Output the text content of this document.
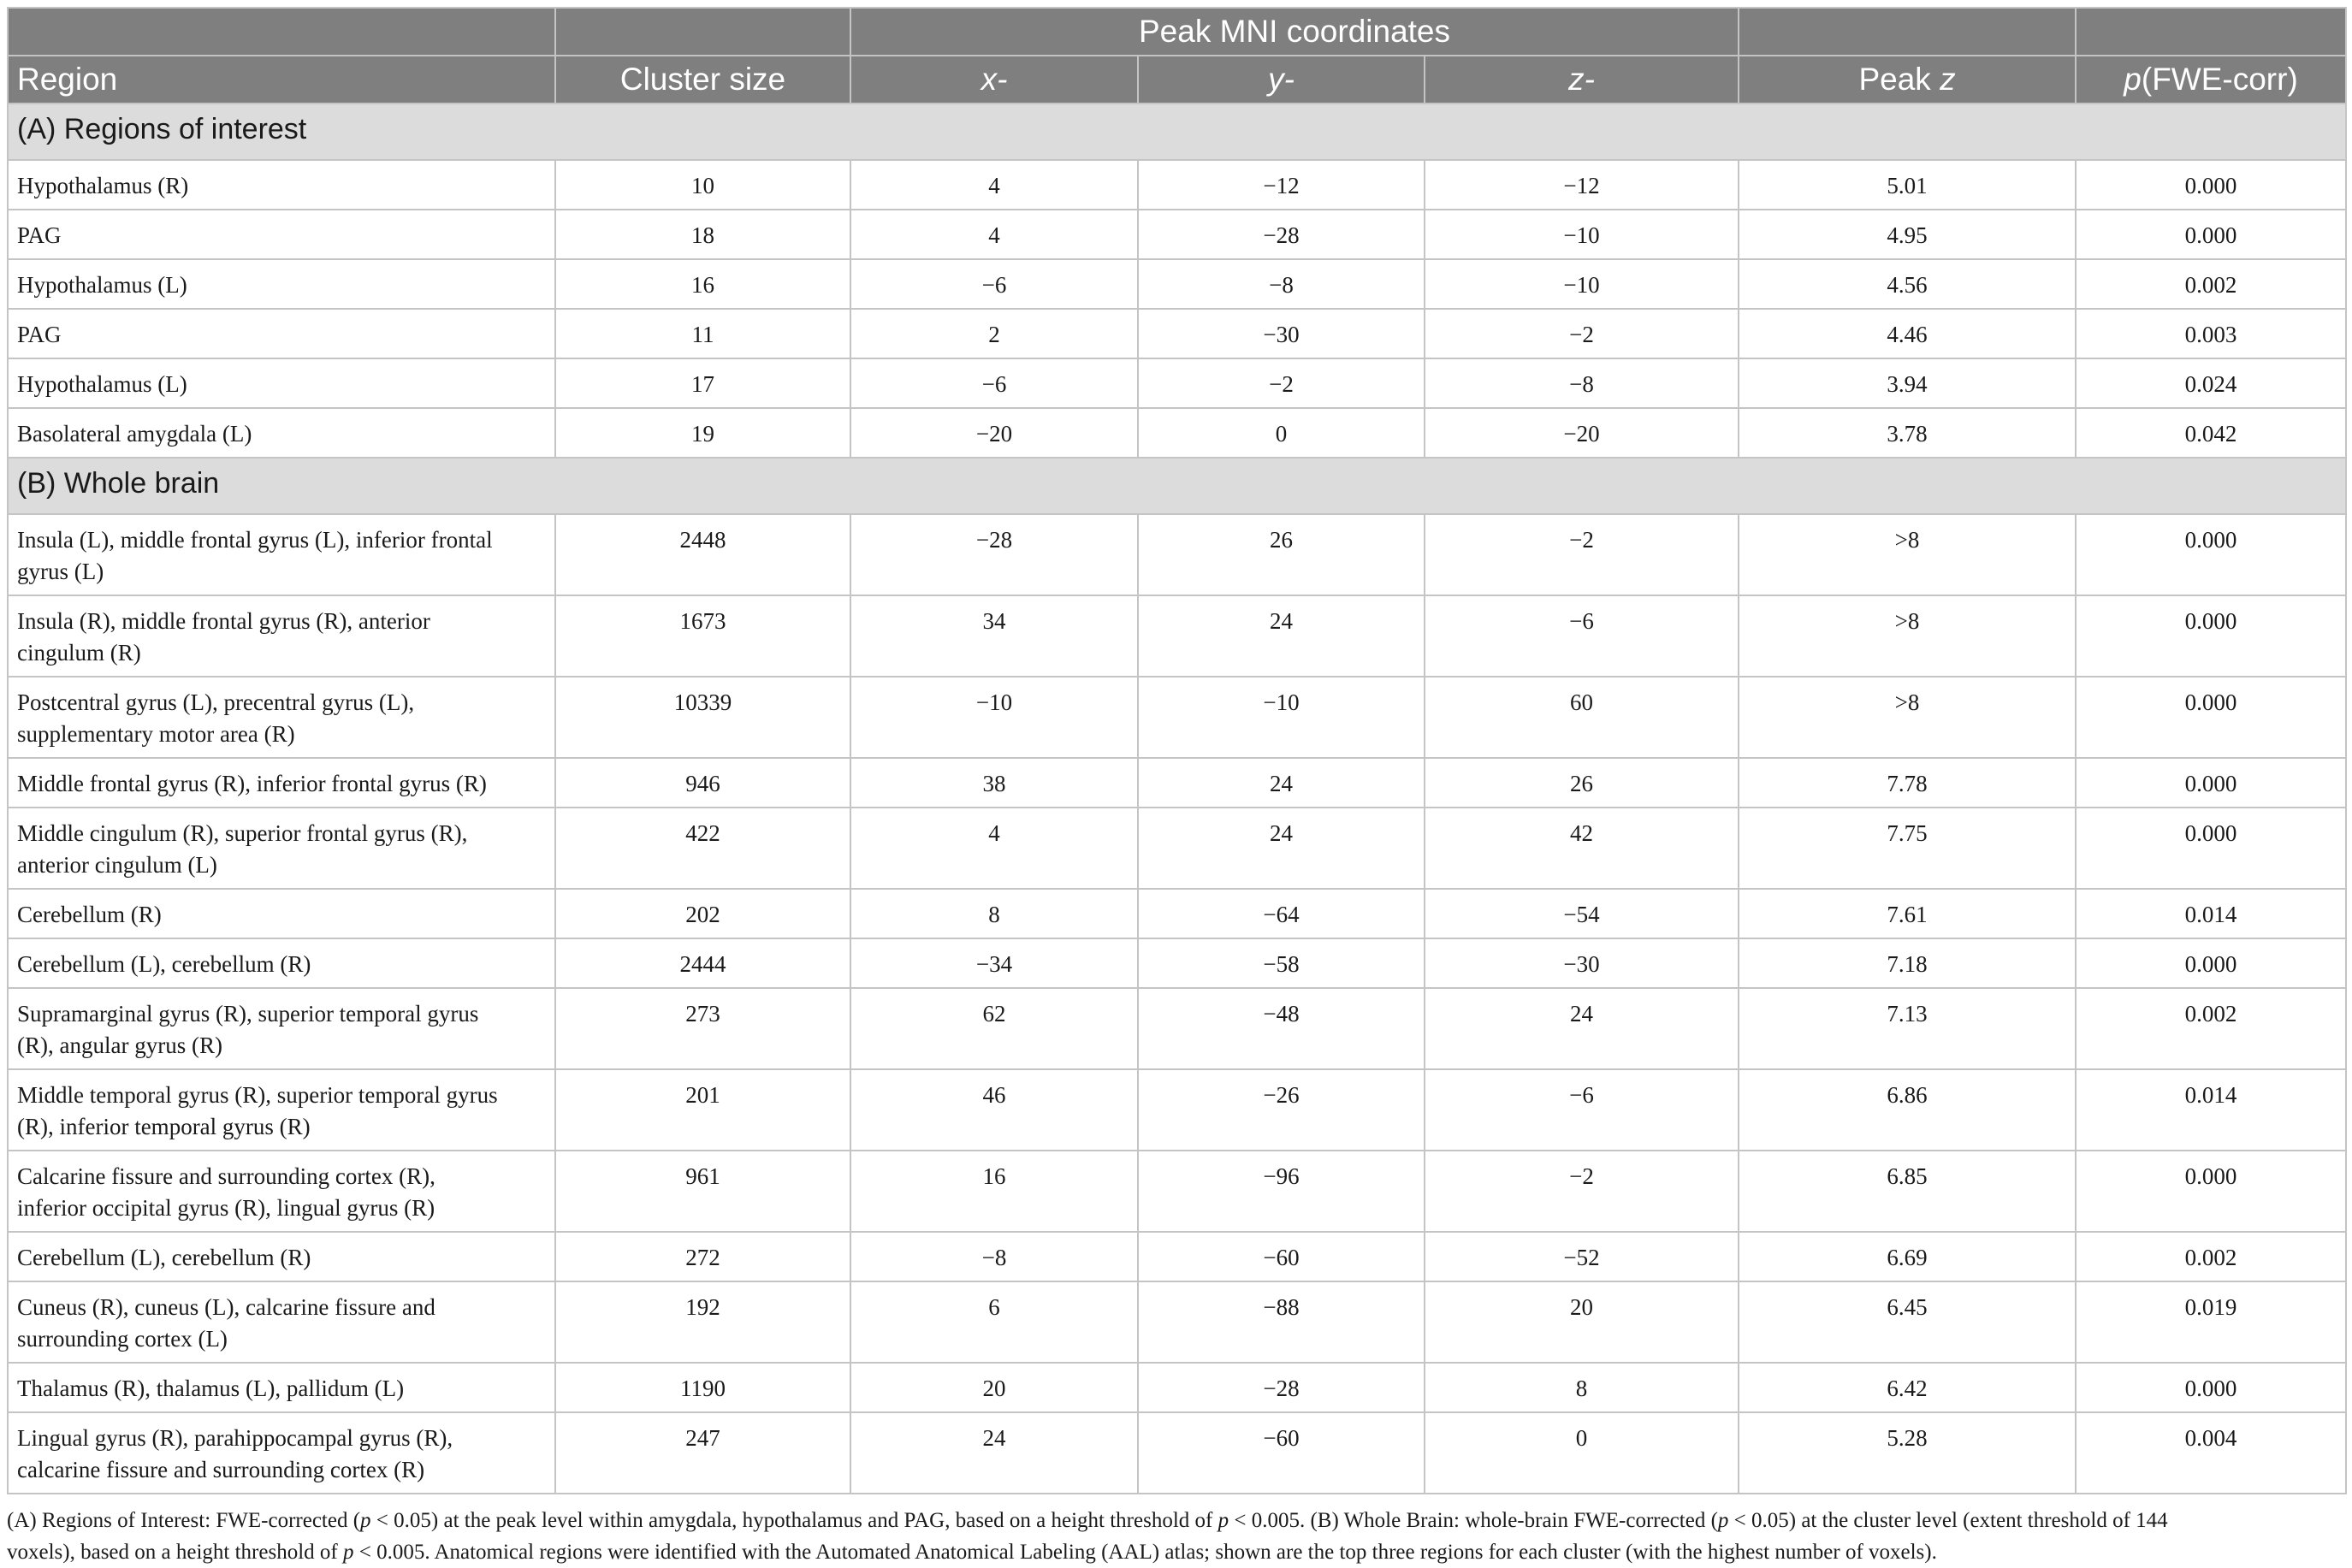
		Peak MNI coordinates				
Region	Cluster size	x-	y-	z-	Peak z	p(FWE-corr)
(A) Regions of interest						
Hypothalamus (R)	10	4	−12	−12	5.01	0.000
PAG	18	4	−28	−10	4.95	0.000
Hypothalamus (L)	16	−6	−8	−10	4.56	0.002
PAG	11	2	−30	−2	4.46	0.003
Hypothalamus (L)	17	−6	−2	−8	3.94	0.024
Basolateral amygdala (L)	19	−20	0	−20	3.78	0.042
(B) Whole brain						

Insula (L), middle frontal gyrus (L), inferior frontal
gyrus (L)	2448	−28	26	−2	>8	0.000

Insula (R), middle frontal gyrus (R), anterior
cingulum (R)	1673	34	24	−6	>8	0.000

Postcentral gyrus (L), precentral gyrus (L),
supplementary motor area (R)	10339	−10	−10	60	>8	0.000
Middle frontal gyrus (R), inferior frontal gyrus (R)	946	38	24	26	7.78	0.000

Middle cingulum (R), superior frontal gyrus (R),
anterior cingulum (L)	422	4	24	42	7.75	0.000
Cerebellum (R)	202	8	−64	−54	7.61	0.014
Cerebellum (L), cerebellum (R)	2444	−34	−58	−30	7.18	0.000

Supramarginal gyrus (R), superior temporal gyrus
(R), angular gyrus (R)	273	62	−48	24	7.13	0.002

Middle temporal gyrus (R), superior temporal gyrus
(R), inferior temporal gyrus (R)	201	46	−26	−6	6.86	0.014

Calcarine fissure and surrounding cortex (R),
inferior occipital gyrus (R), lingual gyrus (R)	961	16	−96	−2	6.85	0.000
Cerebellum (L), cerebellum (R)	272	−8	−60	−52	6.69	0.002

Cuneus (R), cuneus (L), calcarine fissure and
surrounding cortex (L)	192	6	−88	20	6.45	0.019
Thalamus (R), thalamus (L), pallidum (L)	1190	20	−28	8	6.42	0.000

Lingual gyrus (R), parahippocampal gyrus (R),
calcarine fissure and surrounding cortex (R)	247	24	−60	0	5.28	0.004
(A) Regions of Interest: FWE-corrected (p < 0.05) at the peak level within amygdala, hypothalamus and PAG, based on a height threshold of p < 0.005. (B) Whole Brain: whole-brain FWE-corrected (p < 0.05) at the cluster level (extent threshold of 144
voxels), based on a height threshold of p < 0.005. Anatomical regions were identified with the Automated Anatomical Labeling (AAL) atlas; shown are the top three regions for each cluster (with the highest number of voxels).
